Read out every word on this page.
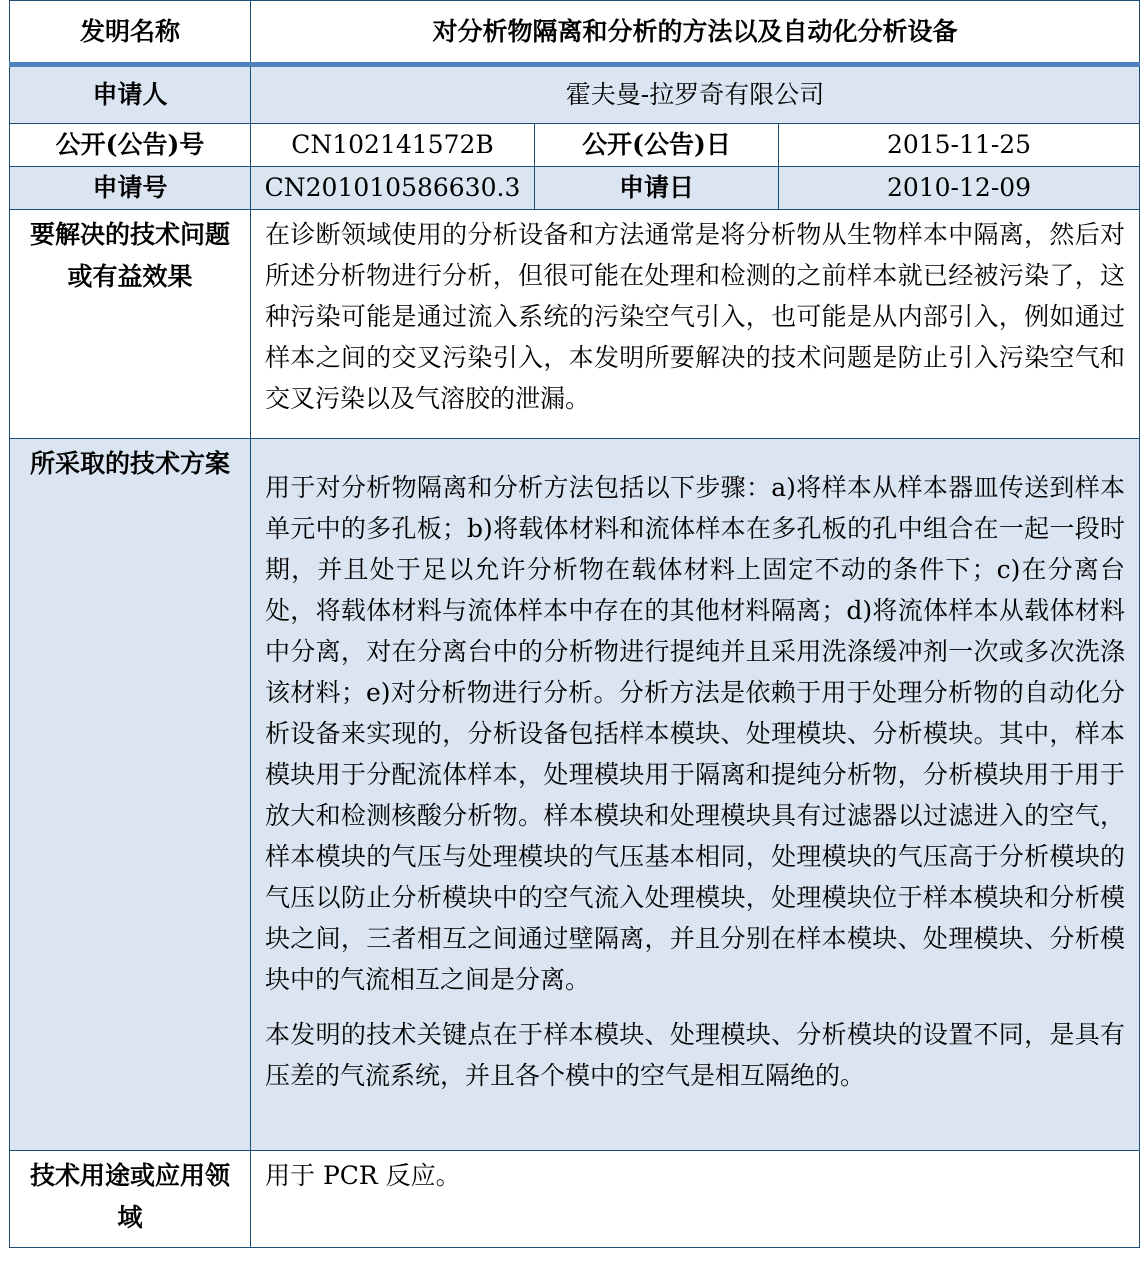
发明名称	对分析物隔离和分析的方法以及自动化分析设备		
申请人	霍夫曼-拉罗奇有限公司		
公开(公告)号	CN102141572B	公开(公告)日	2015-11-25
申请号	CN201010586630.3	申请日	2010-12-09
要解决的技术问题或有益效果	在诊断领域使用的分析设备和方法通常是将分析物从生物样本中隔离，然后对所述分析物进行分析，但很可能在处理和检测的之前样本就已经被污染了，这种污染可能是通过流入系统的污染空气引入，也可能是从内部引入，例如通过样本之间的交叉污染引入，本发明所要解决的技术问题是防止引入污染空气和交叉污染以及气溶胶的泄漏。		

所采取的技术方案	用于对分析物隔离和分析方法包括以下步骤：a)将样本从样本器皿传送到样本单元中的多孔板；b)将载体材料和流体样本在多孔板的孔中组合在一起一段时期，并且处于足以允许分析物在载体材料上固定不动的条件下；c)在分离台处，将载体材料与流体样本中存在的其他材料隔离；d)将流体样本从载体材料中分离，对在分离台中的分析物进行提纯并且采用洗涤缓冲剂一次或多次洗涤该材料；e)对分析物进行分析。分析方法是依赖于用于处理分析物的自动化分析设备来实现的，分析设备包括样本模块、处理模块、分析模块。其中，样本模块用于分配流体样本，处理模块用于隔离和提纯分析物，分析模块用于用于放大和检测核酸分析物。样本模块和处理模块具有过滤器以过滤进入的空气，样本模块的气压与处理模块的气压基本相同，处理模块的气压高于分析模块的气压以防止分析模块中的空气流入处理模块，处理模块位于样本模块和分析模块之间，三者相互之间通过壁隔离，并且分别在样本模块、处理模块、分析模块中的气流相互之间是分离。

本发明的技术关键点在于样本模块、处理模块、分析模块的设置不同，是具有压差的气流系统，并且各个模中的空气是相互隔绝的。		

技术用途或应用领域	用于 PCR 反应。		
